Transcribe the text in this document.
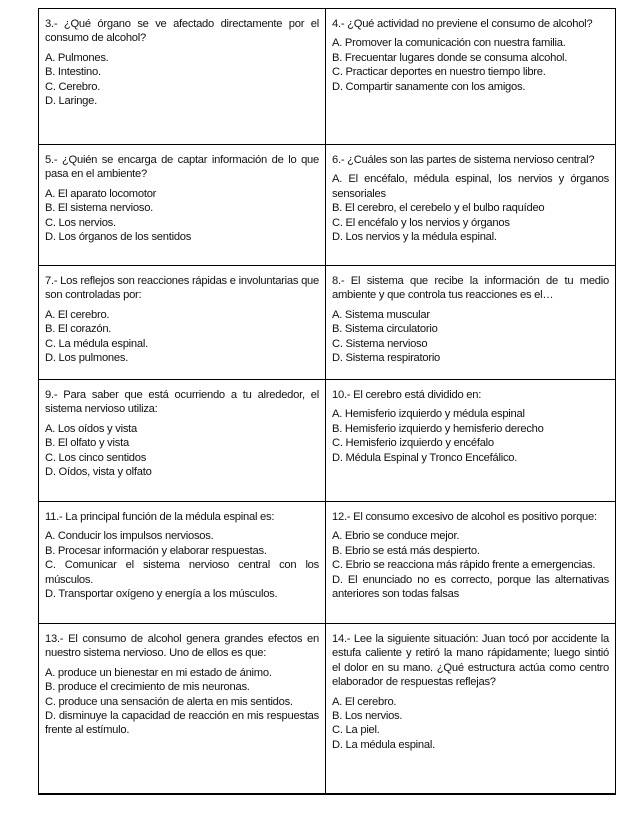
3.- ¿Qué órgano se ve afectado directamente por el consumo de alcohol?

A. Pulmones.

B. Intestino.

C. Cerebro.

D. Laringe.

4.- ¿Qué actividad no previene el consumo de alcohol?

A. Promover la comunicación con nuestra familia.

B. Frecuentar lugares donde se consuma alcohol.

C. Practicar deportes en nuestro tiempo libre.

D. Compartir sanamente con los amigos.

5.- ¿Quién se encarga de captar información de lo que pasa en el ambiente?

A. El aparato locomotor

B. El sistema nervioso.

C. Los nervios.

D. Los órganos de los sentidos

6.- ¿Cuáles son las partes de sistema nervioso central?

A. El encéfalo, médula espinal, los nervios y órganos sensoriales

B. El cerebro, el cerebelo y el bulbo raquídeo

C. El encéfalo y los nervios y órganos

D. Los nervios y la médula espinal.

7.- Los reflejos son reacciones rápidas e involuntarias que son controladas por:

A. El cerebro.

B. El corazón.

C. La médula espinal.

D. Los pulmones.

8.- El sistema que recibe la información de tu medio ambiente y que controla tus reacciones es el…

A. Sistema muscular

B. Sistema circulatorio

C. Sistema nervioso

D. Sistema respiratorio

9.- Para saber que está ocurriendo a tu alrededor, el sistema nervioso utiliza:

A. Los oídos y vista

B. El olfato y vista

C. Los cinco sentidos

D. Oídos, vista y olfato

10.- El cerebro está dividido en:

A. Hemisferio izquierdo y médula espinal

B. Hemisferio izquierdo y hemisferio derecho

C. Hemisferio izquierdo y encéfalo

D. Médula Espinal y Tronco Encefálico.

11.- La principal función de la médula espinal es:

A. Conducir los impulsos nerviosos.

B. Procesar información y elaborar respuestas.

C. Comunicar el sistema nervioso central con los músculos.

D. Transportar oxígeno y energía a los músculos.

12.- El consumo excesivo de alcohol es positivo porque:

A. Ebrio se conduce mejor.

B. Ebrio se está más despierto.

C. Ebrio se reacciona más rápido frente a emergencias.

D. El enunciado no es correcto, porque las alternativas anteriores son todas falsas

13.- El consumo de alcohol genera grandes efectos en nuestro sistema nervioso. Uno de ellos es que:

A. produce un bienestar en mi estado de ánimo.

B. produce el crecimiento de mis neuronas.

C. produce una sensación de alerta en mis sentidos.

D. disminuye la capacidad de reacción en mis respuestas frente al estímulo.

14.- Lee la siguiente situación: Juan tocó por accidente la estufa caliente y retiró la mano rápidamente; luego sintió el dolor en su mano. ¿Qué estructura actúa como centro elaborador de respuestas reflejas?

A. El cerebro.

B. Los nervios.

C. La piel.

D. La médula espinal.
